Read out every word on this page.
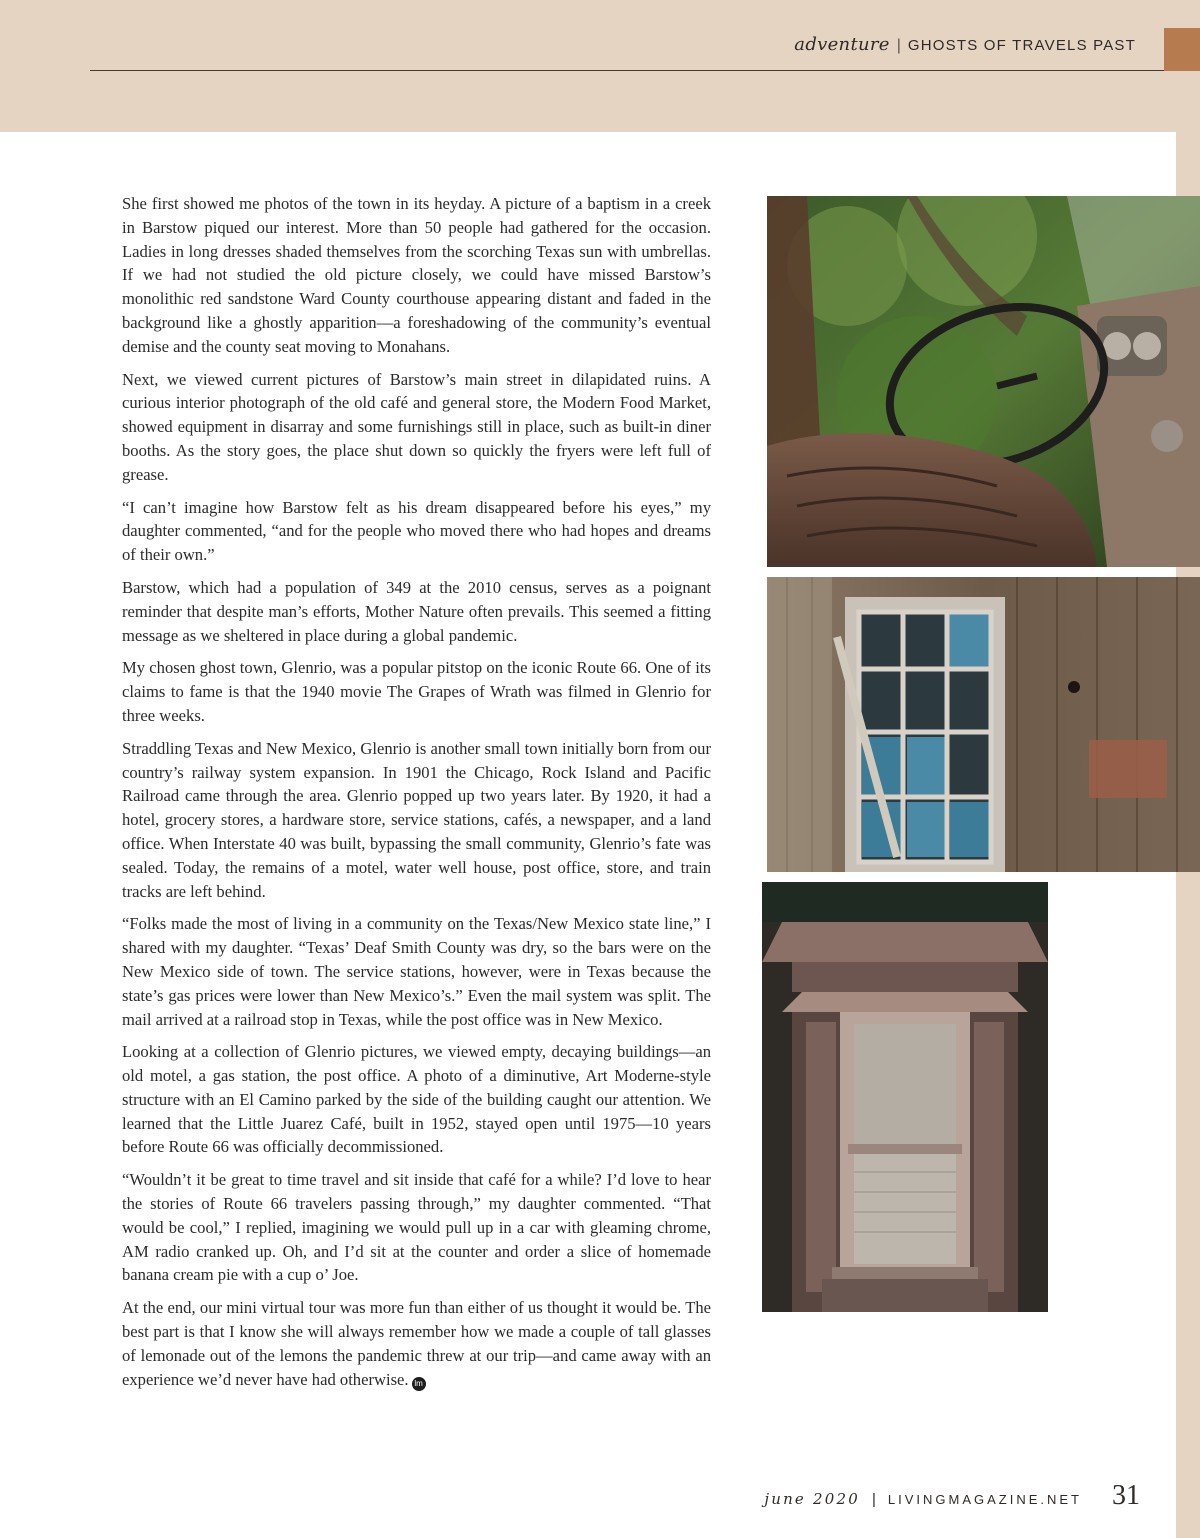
adventure | GHOSTS OF TRAVELS PAST

She first showed me photos of the town in its heyday. A picture of a baptism in a creek in Barstow piqued our interest. More than 50 people had gathered for the occasion. Ladies in long dresses shaded themselves from the scorching Texas sun with umbrellas. If we had not studied the old picture closely, we could have missed Barstow’s monolithic red sandstone Ward County courthouse appearing distant and faded in the background like a ghostly apparition—a foreshadowing of the community’s eventual demise and the county seat moving to Monahans.

Next, we viewed current pictures of Barstow’s main street in dilapidated ruins. A curious interior photograph of the old café and general store, the Modern Food Market, showed equipment in disarray and some furnishings still in place, such as built-in diner booths. As the story goes, the place shut down so quickly the fryers were left full of grease.

“I can’t imagine how Barstow felt as his dream disappeared before his eyes,” my daughter commented, “and for the people who moved there who had hopes and dreams of their own.”

Barstow, which had a population of 349 at the 2010 census, serves as a poignant reminder that despite man’s efforts, Mother Nature often prevails. This seemed a fitting message as we sheltered in place during a global pandemic.

My chosen ghost town, Glenrio, was a popular pitstop on the iconic Route 66. One of its claims to fame is that the 1940 movie The Grapes of Wrath was filmed in Glenrio for three weeks.

Straddling Texas and New Mexico, Glenrio is another small town initially born from our country’s railway system expansion. In 1901 the Chicago, Rock Island and Pacific Railroad came through the area. Glenrio popped up two years later. By 1920, it had a hotel, grocery stores, a hardware store, service stations, cafés, a newspaper, and a land office. When Interstate 40 was built, bypassing the small community, Glenrio’s fate was sealed. Today, the remains of a motel, water well house, post office, store, and train tracks are left behind.

“Folks made the most of living in a community on the Texas/New Mexico state line,” I shared with my daughter. “Texas’ Deaf Smith County was dry, so the bars were on the New Mexico side of town. The service stations, however, were in Texas because the state’s gas prices were lower than New Mexico’s.” Even the mail system was split. The mail arrived at a railroad stop in Texas, while the post office was in New Mexico.

Looking at a collection of Glenrio pictures, we viewed empty, decaying buildings—an old motel, a gas station, the post office. A photo of a diminutive, Art Moderne-style structure with an El Camino parked by the side of the building caught our attention. We learned that the Little Juarez Café, built in 1952, stayed open until 1975—10 years before Route 66 was officially decommissioned.

“Wouldn’t it be great to time travel and sit inside that café for a while? I’d love to hear the stories of Route 66 travelers passing through,” my daughter commented. “That would be cool,” I replied, imagining we would pull up in a car with gleaming chrome, AM radio cranked up. Oh, and I’d sit at the counter and order a slice of homemade banana cream pie with a cup o’ Joe.

At the end, our mini virtual tour was more fun than either of us thought it would be. The best part is that I know she will always remember how we made a couple of tall glasses of lemonade out of the lemons the pandemic threw at our trip—and came away with an experience we’d never have had otherwise. lm

june 2020 | LIVINGMAGAZINE.NET 31
